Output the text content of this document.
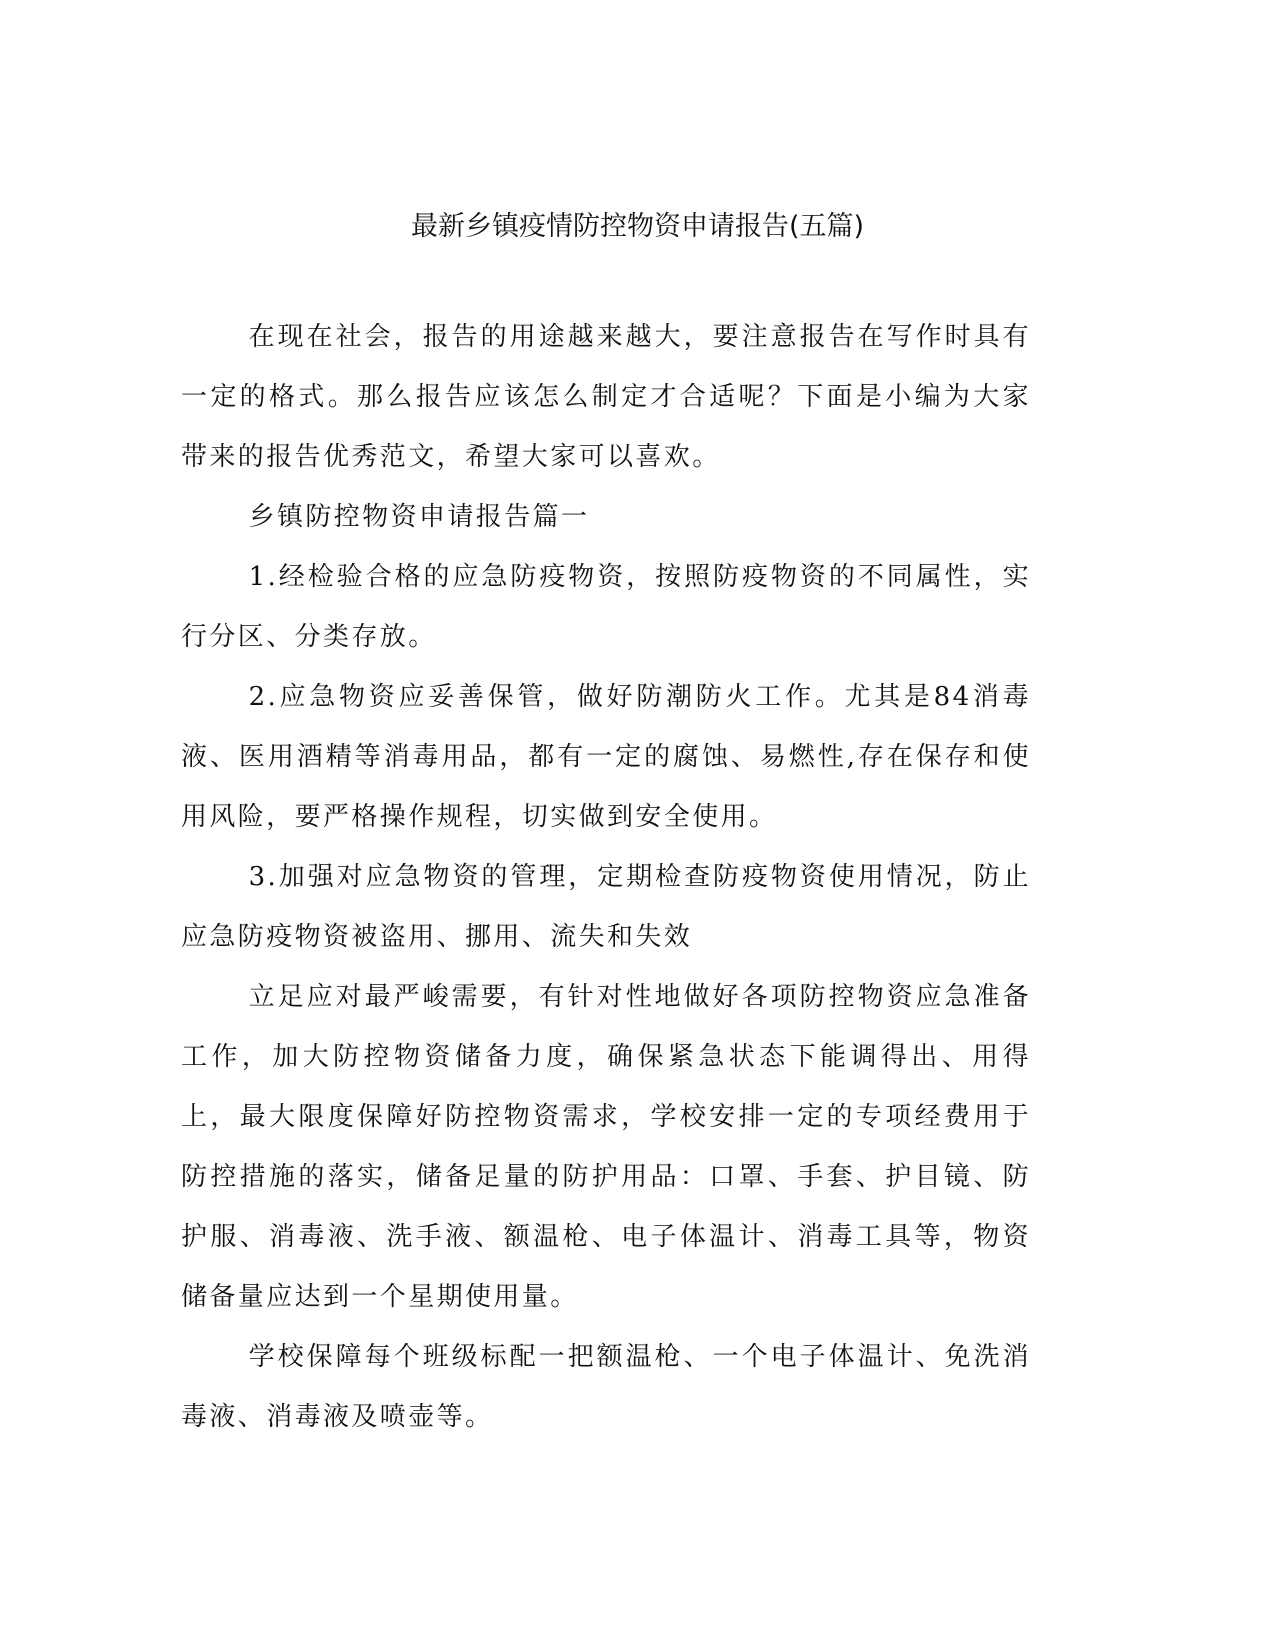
最新乡镇疫情防控物资申请报告(五篇)

在现在社会，报告的用途越来越大，要注意报告在写作时具有一定的格式。那么报告应该怎么制定才合适呢？下面是小编为大家带来的报告优秀范文，希望大家可以喜欢。

乡镇防控物资申请报告篇一

1.经检验合格的应急防疫物资，按照防疫物资的不同属性，实行分区、分类存放。

2.应急物资应妥善保管，做好防潮防火工作。尤其是84消毒液、医用酒精等消毒用品，都有一定的腐蚀、易燃性,存在保存和使用风险，要严格操作规程，切实做到安全使用。

3.加强对应急物资的管理，定期检查防疫物资使用情况，防止应急防疫物资被盗用、挪用、流失和失效

立足应对最严峻需要，有针对性地做好各项防控物资应急准备工作，加大防控物资储备力度，确保紧急状态下能调得出、用得上，最大限度保障好防控物资需求，学校安排一定的专项经费用于防控措施的落实，储备足量的防护用品：口罩、手套、护目镜、防护服、消毒液、洗手液、额温枪、电子体温计、消毒工具等，物资储备量应达到一个星期使用量。

学校保障每个班级标配一把额温枪、一个电子体温计、免洗消毒液、消毒液及喷壶等。
